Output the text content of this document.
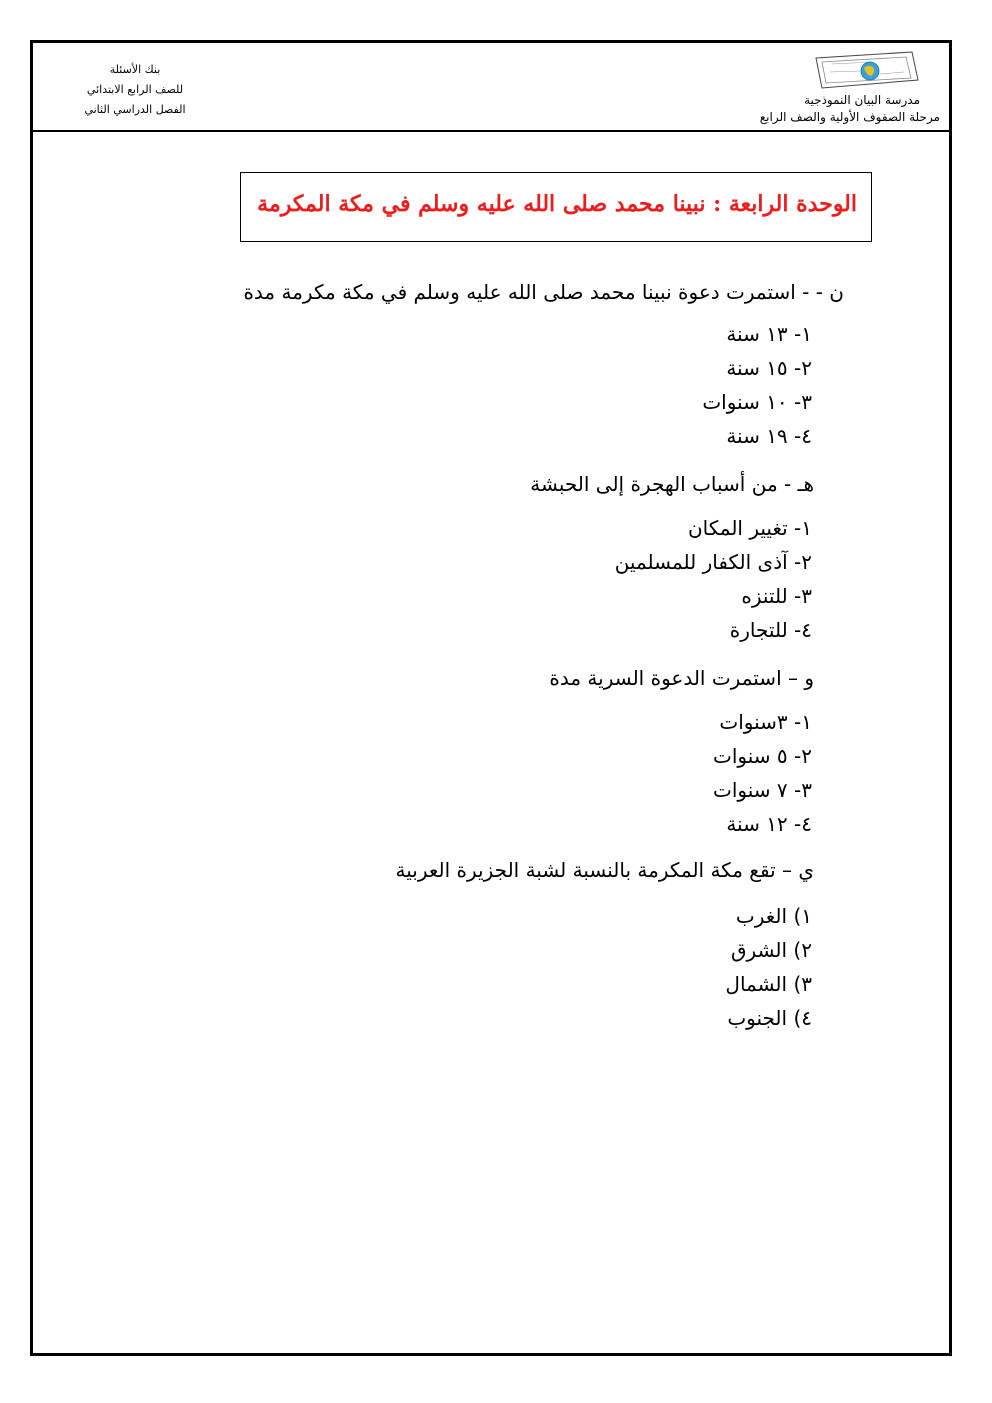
مدرسة البيان النموذجية
مرحلة الصفوف الأولية والصف الرابع
بنك الأسئلة
للصف الرابع الابتدائي
الفصل الدراسي الثاني
الوحدة الرابعة : نبينا محمد صلى الله عليه وسلم في مكة المكرمة
ن - - استمرت دعوة نبينا محمد صلى الله عليه وسلم في مكة مكرمة مدة
١- ١٣ سنة
٢- ١٥ سنة
٣- ١٠ سنوات
٤- ١٩ سنة
هـ - من أسباب الهجرة إلى الحبشة
١- تغيير المكان
٢- آذى الكفار للمسلمين
٣- للتنزه
٤- للتجارة
و – استمرت الدعوة السرية مدة
١- ٣سنوات
٢- ٥ سنوات
٣- ٧ سنوات
٤- ١٢ سنة
ي – تقع مكة المكرمة بالنسبة لشبة الجزيرة العربية
١) الغرب
٢) الشرق
٣) الشمال
٤) الجنوب
